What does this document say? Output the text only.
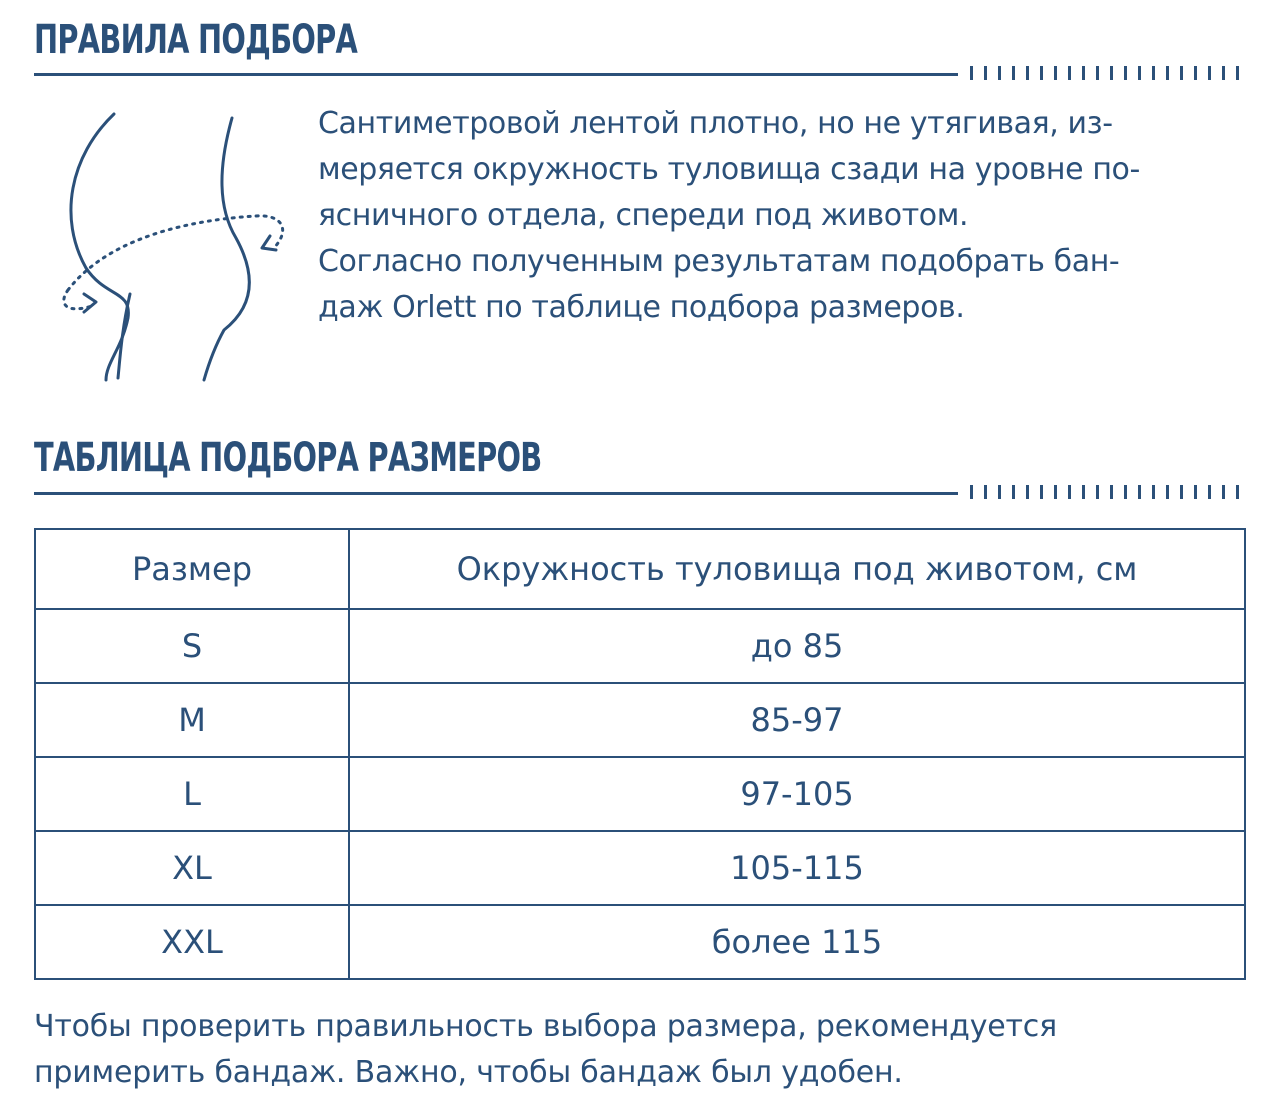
ПРАВИЛА ПОДБОРА

Сантиметровой лентой плотно, но не утягивая, из-
меряется окружность туловища сзади на уровне по-
ясничного отдела, спереди под животом.
Согласно полученным результатам подобрать бан-
даж Orlett по таблице подбора размеров.

ТАБЛИЦА ПОДБОРА РАЗМЕРОВ
Размер	Окружность туловища под животом, см
S	до 85
M	85-97
L	97-105
XL	105-115
XXL	более 115

Чтобы проверить правильность выбора размера, рекомендуется
примерить бандаж. Важно, чтобы бандаж был удобен.
